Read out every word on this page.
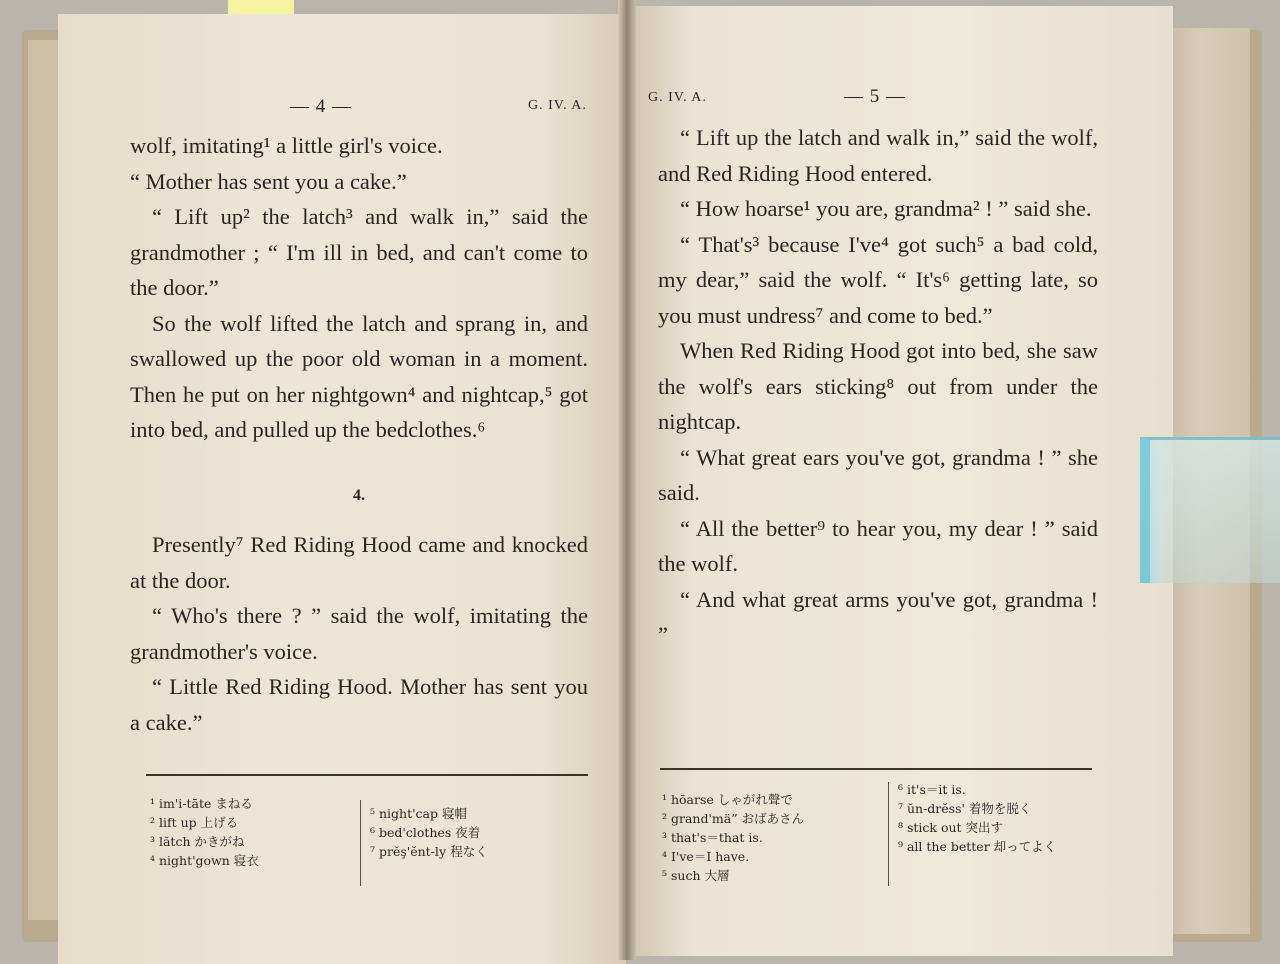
— 4 —	G. IV. A.

wolf, imitating¹ a little girl's voice.

“ Mother has sent you a cake.”

“ Lift up² the latch³ and walk in,” said the grandmother ; “ I'm ill in bed, and can't come to the door.”

So the wolf lifted the latch and sprang in, and swallowed up the poor old woman in a moment. Then he put on her nightgown⁴ and nightcap,⁵ got into bed, and pulled up the bedclothes.⁶

4.

Presently⁷ Red Riding Hood came and knocked at the door.

“ Who's there ? ” said the wolf, imitating the grandmother's voice.

“ Little Red Riding Hood. Mother has sent you a cake.”

¹ im'i-tāte まねる
² lift up 上げる
³ lătch かきがね
⁴ night'gown 寝衣
⁵ night'cap 寝帽
⁶ bed'clothes 夜着
⁷ prĕş'ĕnt-lу 程なく
G. IV. A.	— 5 —

“ Lift up the latch and walk in,” said the wolf, and Red Riding Hood entered.

“ How hoarse¹ you are, grandma² ! ” said she.

“ That's³ because I've⁴ got such⁵ a bad cold, my dear,” said the wolf. “ It's⁶ getting late, so you must undress⁷ and come to bed.”

When Red Riding Hood got into bed, she saw the wolf's ears sticking⁸ out from under the nightcap.

“ What great ears you've got, grandma ! ” she said.

“ All the better⁹ to hear you, my dear ! ” said the wolf.

“ And what great arms you've got, grandma ! ”

¹ hōarse しゃがれ聲で
² grand'mä” おばあさん
³ that's＝that is.
⁴ I've＝I have.
⁵ such 大層
⁶ it's＝it is.
⁷ ŭn-drĕss' 着物を脱く
⁸ stick out 突出す
⁹ all the better 却ってよく
